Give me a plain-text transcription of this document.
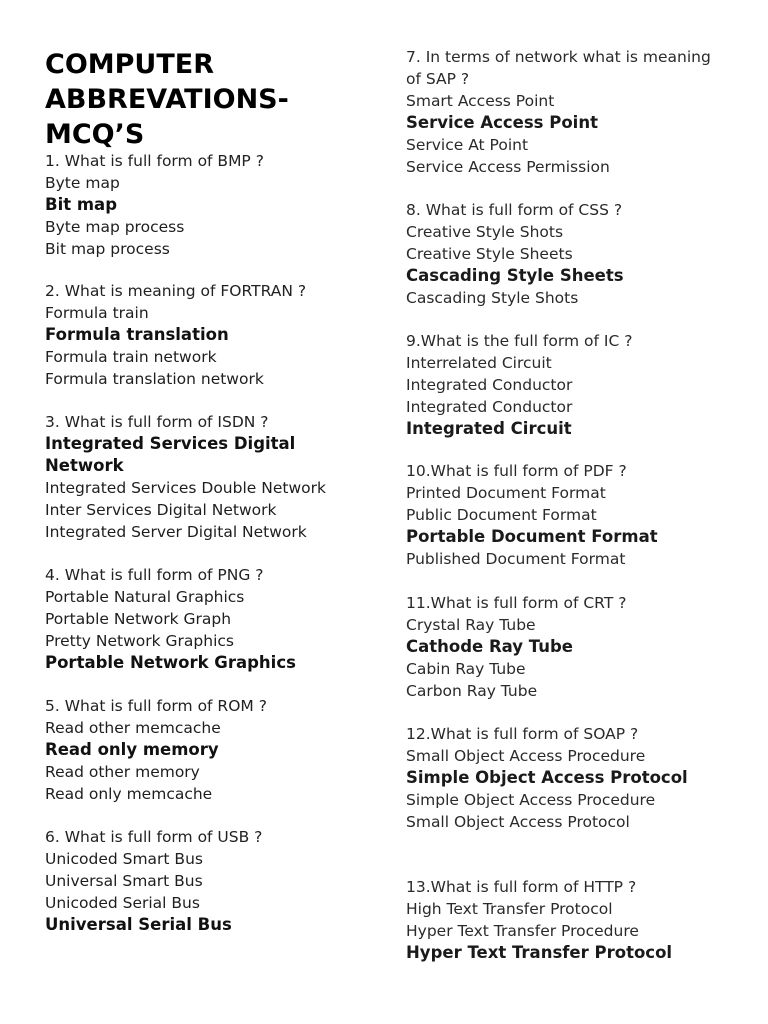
COMPUTER ABBREVATIONS-MCQ’S
1. What is full form of BMP ?
Byte map
Bit map
Byte map process
Bit map process
2. What is meaning of FORTRAN ?
Formula train
Formula translation
Formula train network
Formula translation network
3. What is full form of ISDN ?
Integrated Services Digital Network
Integrated Services Double Network
Inter Services Digital Network
Integrated Server Digital Network
4. What is full form of PNG ?
Portable Natural Graphics
Portable Network Graph
Pretty Network Graphics
Portable Network Graphics
5. What is full form of ROM ?
Read other memcache
Read only memory
Read other memory
Read only memcache
6. What is full form of USB ?
Unicoded Smart Bus
Universal Smart Bus
Unicoded Serial Bus
Universal Serial Bus
7. In terms of network what is meaning of SAP ?
Smart Access Point
Service Access Point
Service At Point
Service Access Permission
8. What is full form of CSS ?
Creative Style Shots
Creative Style Sheets
Cascading Style Sheets
Cascading Style Shots
9.What is the full form of IC ?
Interrelated Circuit
Integrated Conductor
Integrated Conductor
Integrated Circuit
10.What is full form of PDF ?
Printed Document Format
Public Document Format
Portable Document Format
Published Document Format
11.What is full form of CRT ?
Crystal Ray Tube
Cathode Ray Tube
Cabin Ray Tube
Carbon Ray Tube
12.What is full form of SOAP ?
Small Object Access Procedure
Simple Object Access Protocol
Simple Object Access Procedure
Small Object Access Protocol
13.What is full form of HTTP ?
High Text Transfer Protocol
Hyper Text Transfer Procedure
Hyper Text Transfer Protocol
